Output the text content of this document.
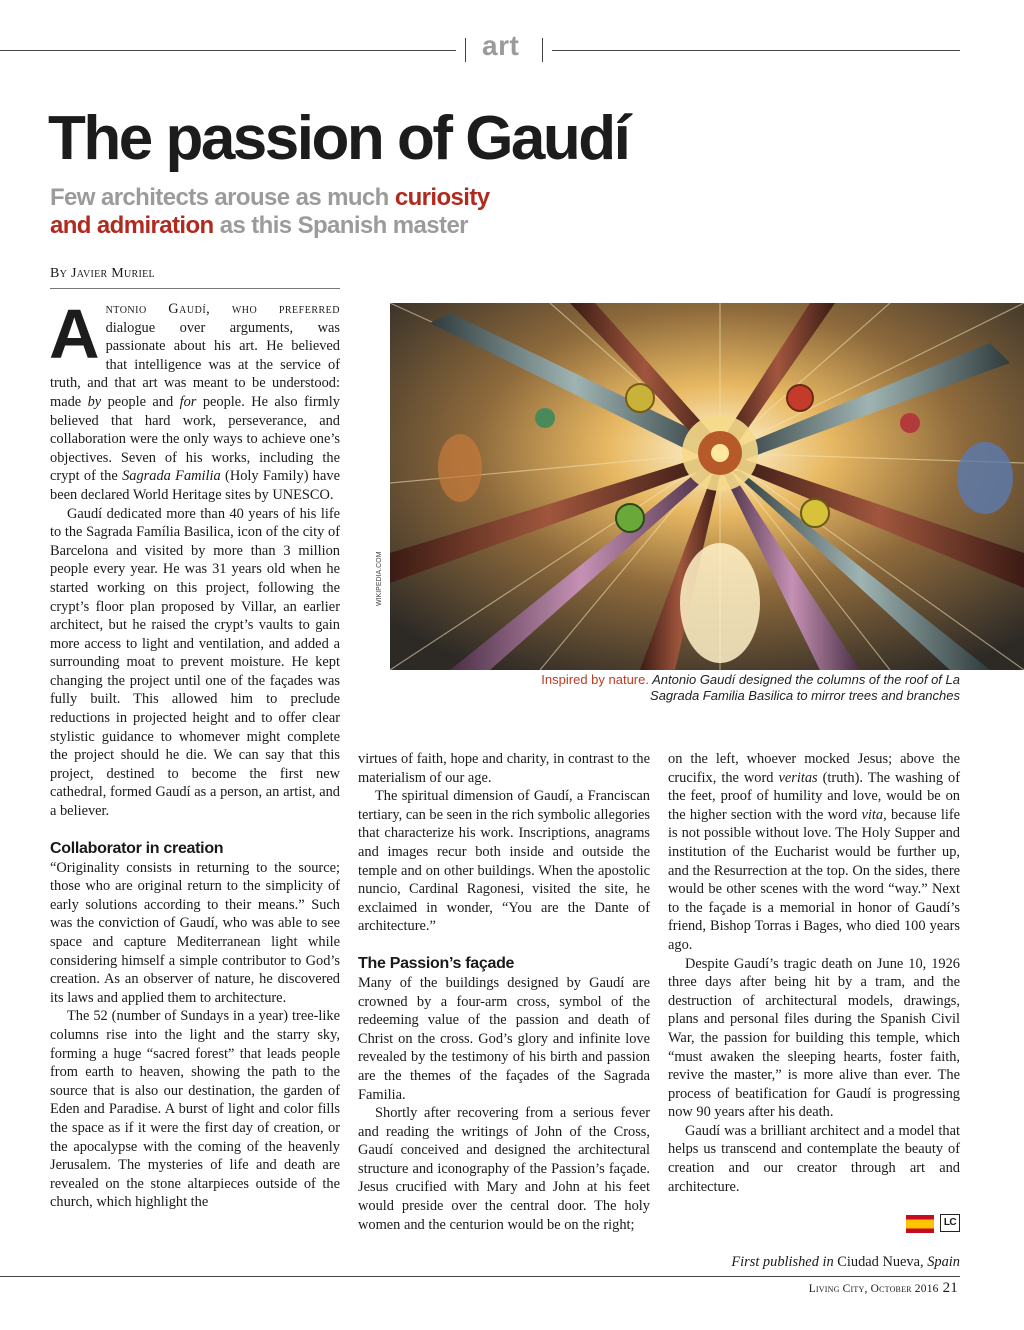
art
The passion of Gaudí
Few architects arouse as much curiosity
and admiration as this Spanish master
By Javier Muriel

Antonio Gaudí, who preferred dialogue over arguments, was passionate about his art. He believed that intelligence was at the service of truth, and that art was meant to be understood: made by people and for people. He also firmly believed that hard work, perseverance, and collaboration were the only ways to achieve one’s objectives. Seven of his works, including the crypt of the Sagrada Familia (Holy Family) have been declared World Heritage sites by UNESCO.

Gaudí dedicated more than 40 years of his life to the Sagrada Família Basilica, icon of the city of Barcelona and visited by more than 3 million people every year. He was 31 years old when he started working on this project, following the crypt’s floor plan proposed by Villar, an earlier architect, but he raised the crypt’s vaults to gain more access to light and ventilation, and added a surrounding moat to prevent moisture. He kept changing the project until one of the façades was fully built. This allowed him to preclude reductions in projected height and to offer clear stylistic guidance to whomever might complete the project should he die. We can say that this project, destined to become the first new cathedral, formed Gaudí as a person, an artist, and a believer.

Collaborator in creation

“Originality consists in returning to the source; those who are original return to the simplicity of early solutions according to their means.” Such was the conviction of Gaudí, who was able to see space and capture Mediterranean light while considering himself a simple contributor to God’s creation. As an observer of nature, he discovered its laws and applied them to architecture.

The 52 (number of Sundays in a year) tree-like columns rise into the light and the starry sky, forming a huge “sacred forest” that leads people from earth to heaven, showing the path to the source that is also our destination, the garden of Eden and Paradise. A burst of light and color fills the space as if it were the first day of creation, or the apocalypse with the coming of the heavenly Jerusalem. The mysteries of life and death are revealed on the stone altarpieces outside of the church, which highlight the

WIKIPEDIA.COM
Inspired by nature. Antonio Gaudí designed the columns of the roof of La Sagrada Familia Basilica to mirror trees and branches

virtues of faith, hope and charity, in contrast to the materialism of our age.

The spiritual dimension of Gaudí, a Franciscan tertiary, can be seen in the rich symbolic allegories that characterize his work. Inscriptions, anagrams and images recur both inside and outside the temple and on other buildings. When the apostolic nuncio, Cardinal Ragonesi, visited the site, he exclaimed in wonder, “You are the Dante of architecture.”

The Passion’s façade

Many of the buildings designed by Gaudí are crowned by a four-arm cross, symbol of the redeeming value of the passion and death of Christ on the cross. God’s glory and infinite love revealed by the testimony of his birth and passion are the themes of the façades of the Sagrada Familia.

Shortly after recovering from a serious fever and reading the writings of John of the Cross, Gaudí conceived and designed the architectural structure and iconography of the Passion’s façade. Jesus crucified with Mary and John at his feet would preside over the central door. The holy women and the centurion would be on the right;

on the left, whoever mocked Jesus; above the crucifix, the word veritas (truth). The washing of the feet, proof of humility and love, would be on the higher section with the word vita, because life is not possible without love. The Holy Supper and institution of the Eucharist would be further up, and the Resurrection at the top. On the sides, there would be other scenes with the word “way.” Next to the façade is a memorial in honor of Gaudí’s friend, Bishop Torras i Bages, who died 100 years ago.

Despite Gaudí’s tragic death on June 10, 1926 three days after being hit by a tram, and the destruction of architectural models, drawings, plans and personal files during the Spanish Civil War, the passion for building this temple, which “must awaken the sleeping hearts, foster faith, revive the master,” is more alive than ever. The process of beatification for Gaudí is progressing now 90 years after his death.

Gaudí was a brilliant architect and a model that helps us transcend and contemplate the beauty of creation and our creator through art and architecture.

LC
First published in Ciudad Nueva, Spain
Living City, October 2016 21
